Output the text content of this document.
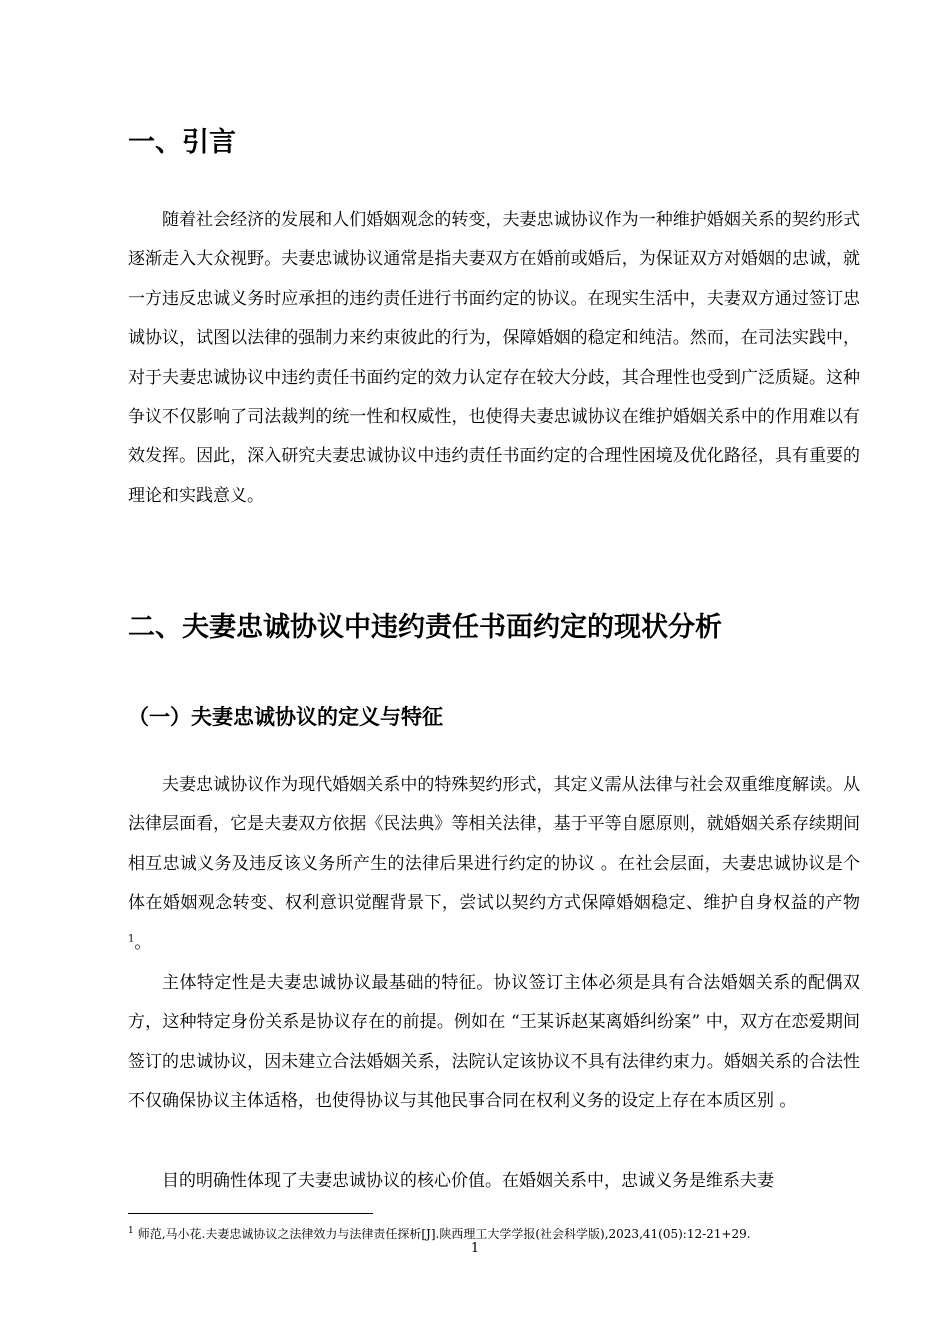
一、引言

随着社会经济的发展和人们婚姻观念的转变，夫妻忠诚协议作为一种维护婚姻关系的契约形式逐渐走入大众视野。夫妻忠诚协议通常是指夫妻双方在婚前或婚后，为保证双方对婚姻的忠诚，就一方违反忠诚义务时应承担的违约责任进行书面约定的协议。在现实生活中，夫妻双方通过签订忠诚协议，试图以法律的强制力来约束彼此的行为，保障婚姻的稳定和纯洁。然而，在司法实践中，对于夫妻忠诚协议中违约责任书面约定的效力认定存在较大分歧，其合理性也受到广泛质疑。这种争议不仅影响了司法裁判的统一性和权威性，也使得夫妻忠诚协议在维护婚姻关系中的作用难以有效发挥。因此，深入研究夫妻忠诚协议中违约责任书面约定的合理性困境及优化路径，具有重要的理论和实践意义。

二、夫妻忠诚协议中违约责任书面约定的现状分析
（一）夫妻忠诚协议的定义与特征

夫妻忠诚协议作为现代婚姻关系中的特殊契约形式，其定义需从法律与社会双重维度解读。从法律层面看，它是夫妻双方依据《民法典》等相关法律，基于平等自愿原则，就婚姻关系存续期间相互忠诚义务及违反该义务所产生的法律后果进行约定的协议 。在社会层面，夫妻忠诚协议是个体在婚姻观念转变、权利意识觉醒背景下，尝试以契约方式保障婚姻稳定、维护自身权益的产物$^1$。

主体特定性是夫妻忠诚协议最基础的特征。协议签订主体必须是具有合法婚姻关系的配偶双方，这种特定身份关系是协议存在的前提。例如在 “王某诉赵某离婚纠纷案” 中，双方在恋爱期间签订的忠诚协议，因未建立合法婚姻关系，法院认定该协议不具有法律约束力。婚姻关系的合法性不仅确保协议主体适格，也使得协议与其他民事合同在权利义务的设定上存在本质区别 。

目的明确性体现了夫妻忠诚协议的核心价值。在婚姻关系中，忠诚义务是维系夫妻

$^1$ 师范,马小花.夫妻忠诚协议之法律效力与法律责任探析[J].陕西理工大学学报(社会科学版),2023,41(05):12-21+29.

1
